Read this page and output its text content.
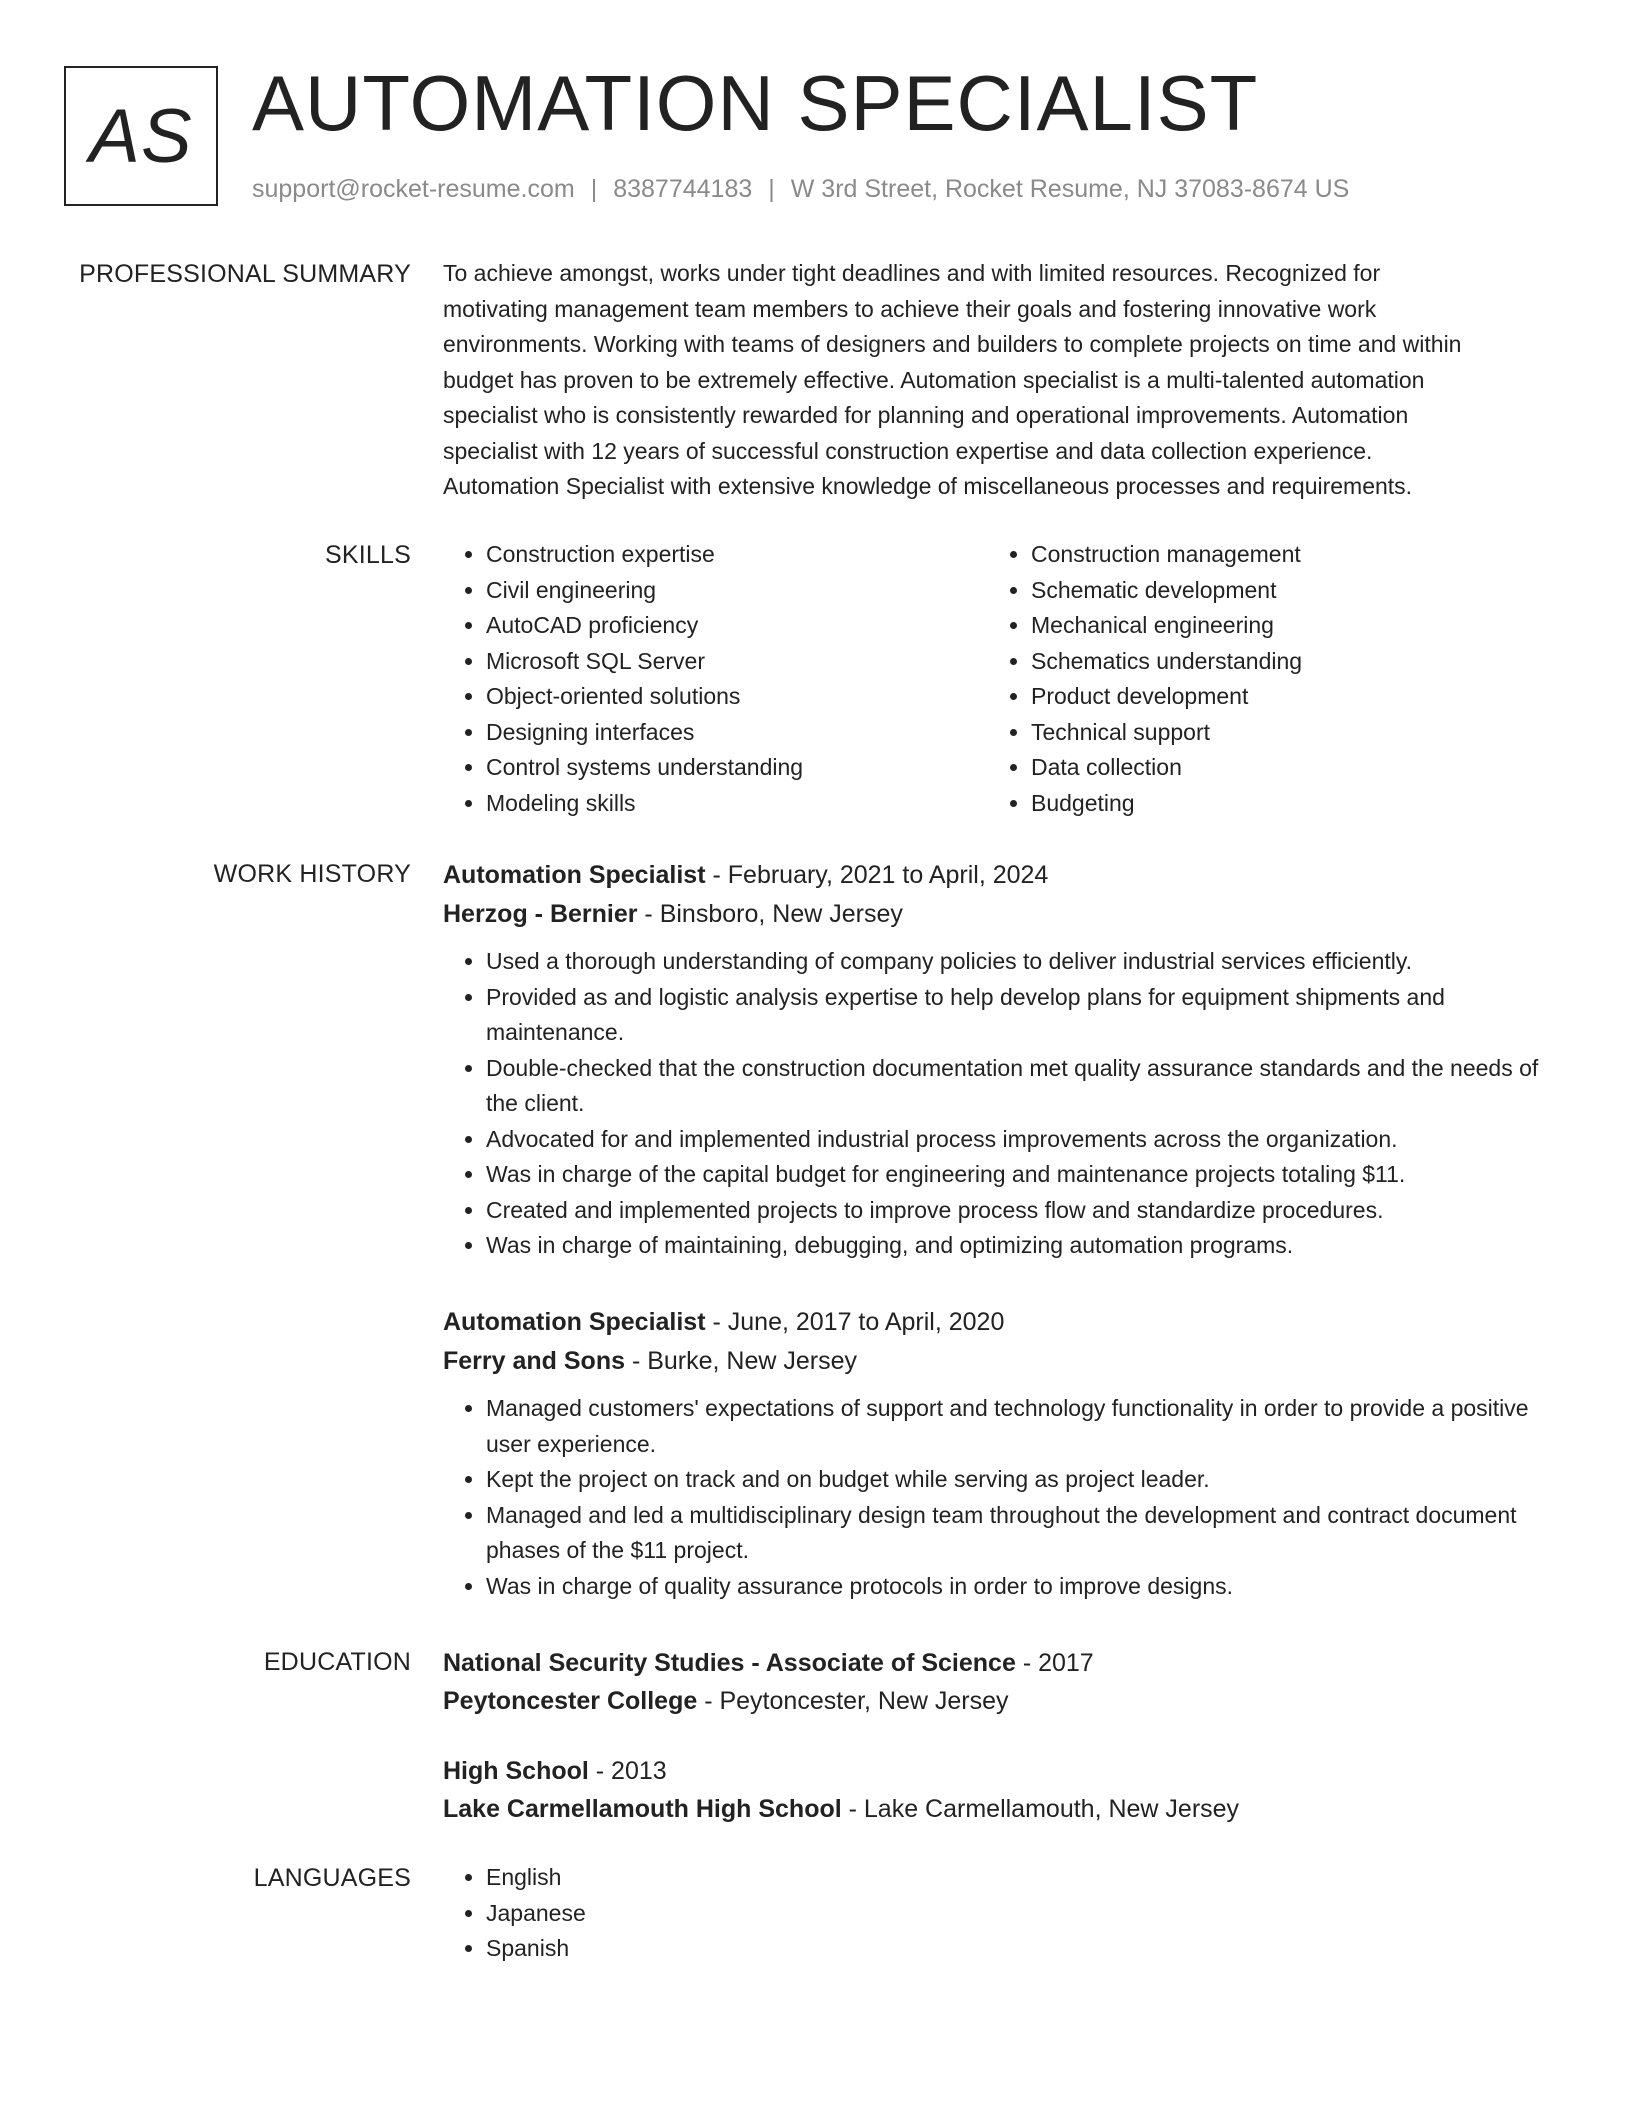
AS AUTOMATION SPECIALIST
support@rocket-resume.com | 8387744183 | W 3rd Street, Rocket Resume, NJ 37083-8674 US
PROFESSIONAL SUMMARY To achieve amongst, works under tight deadlines and with limited resources. Recognized for
motivating management team members to achieve their goals and fostering innovative work
environments. Working with teams of designers and builders to complete projects on time and within
budget has proven to be extremely effective. Automation specialist is a multi-talented automation
specialist who is consistently rewarded for planning and operational improvements. Automation
specialist with 12 years of successful construction expertise and data collection experience.
Automation Specialist with extensive knowledge of miscellaneous processes and requirements.
SKILLS	• Construction expertise
• Civil engineering
• AutoCAD proficiency
• Microsoft SQL Server
• Object-oriented solutions
• Designing interfaces
• Control systems understanding
• Modeling skills
• Construction management
• Schematic development
• Mechanical engineering
• Schematics understanding
• Product development
• Technical support
• Data collection
• Budgeting
WORK HISTORY Automation Specialist - February, 2021 to April, 2024
Herzog - Bernier - Binsboro, New Jersey
• Used a thorough understanding of company policies to deliver industrial services efficiently.
• Provided as and logistic analysis expertise to help develop plans for equipment shipments and maintenance.
• Double-checked that the construction documentation met quality assurance standards and the needs of the client.
• Advocated for and implemented industrial process improvements across the organization.
• Was in charge of the capital budget for engineering and maintenance projects totaling $11.
• Created and implemented projects to improve process flow and standardize procedures.
• Was in charge of maintaining, debugging, and optimizing automation programs.
Automation Specialist - June, 2017 to April, 2020
Ferry and Sons - Burke, New Jersey
• Managed customers' expectations of support and technology functionality in order to provide a positive user experience.
• Kept the project on track and on budget while serving as project leader.
• Managed and led a multidisciplinary design team throughout the development and contract document phases of the $11 project.
• Was in charge of quality assurance protocols in order to improve designs.
EDUCATION National Security Studies - Associate of Science - 2017
Peytoncester College - Peytoncester, New Jersey
High School - 2013
Lake Carmellamouth High School - Lake Carmellamouth, New Jersey
LANGUAGES	• English
• Japanese
• Spanish
